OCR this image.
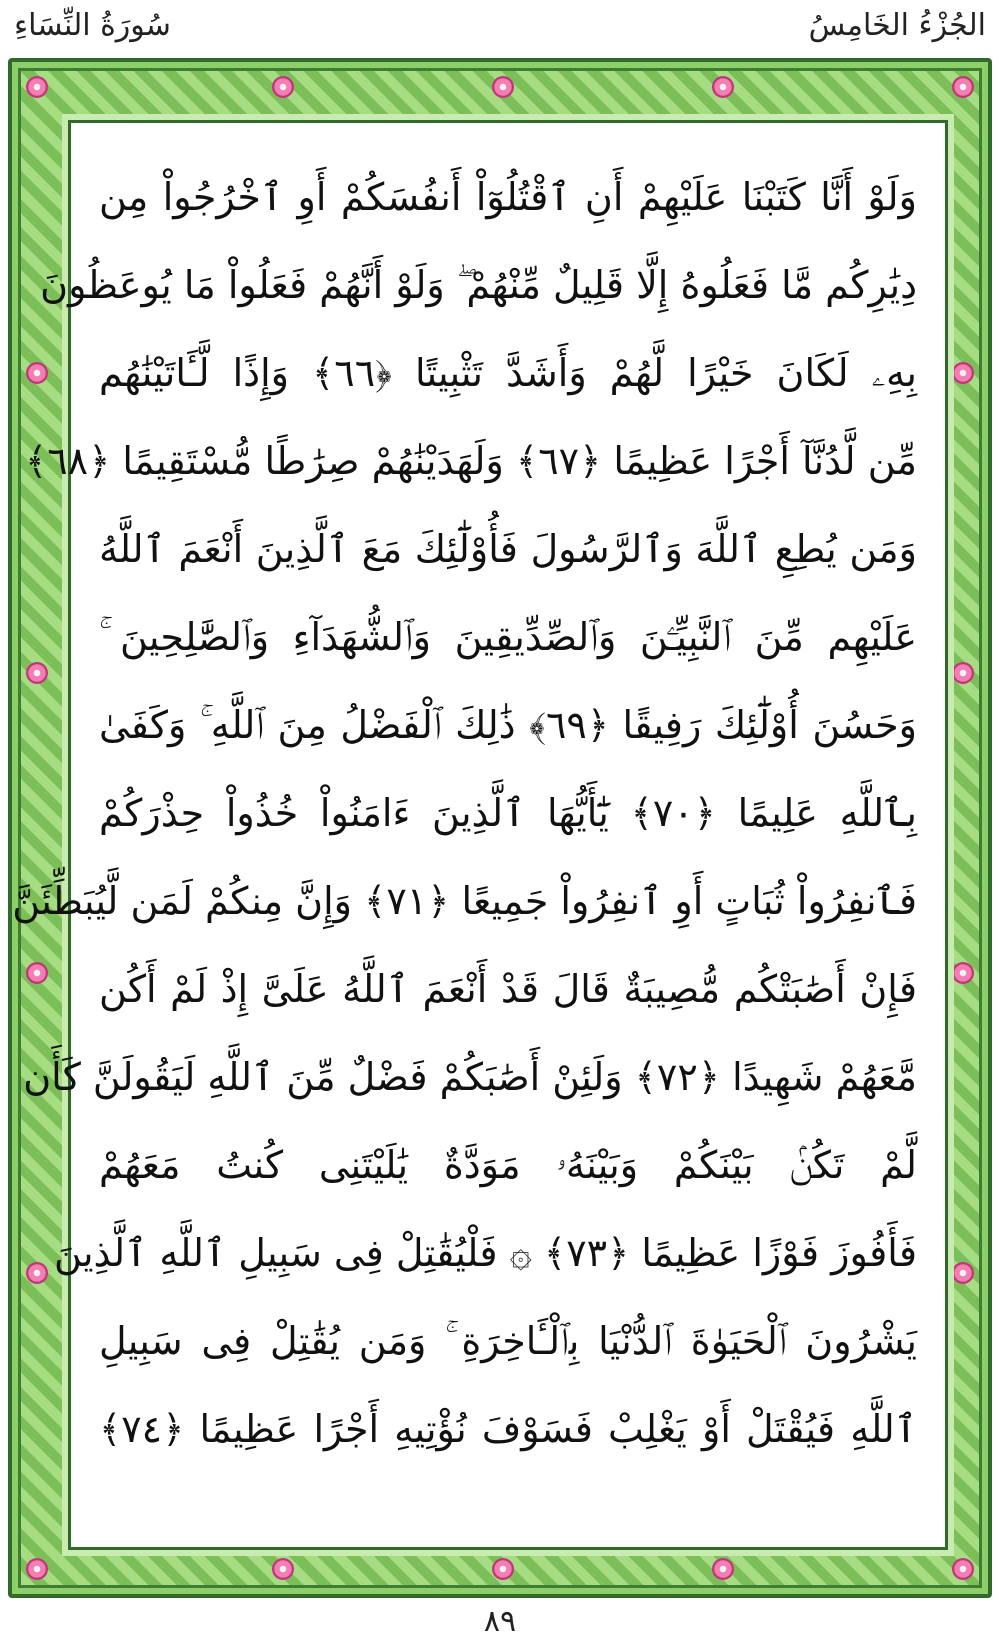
سُورَةُ النِّسَاءِ	الجُزْءُ الخَامِسُ
وَلَوْ أَنَّا كَتَبْنَا عَلَيْهِمْ أَنِ ٱقْتُلُوٓاْ أَنفُسَكُمْ أَوِ ٱخْرُجُواْ مِن
دِيَٰرِكُم مَّا فَعَلُوهُ إِلَّا قَلِيلٌ مِّنْهُمْ ۖ وَلَوْ أَنَّهُمْ فَعَلُواْ مَا يُوعَظُونَ
بِهِۦ لَكَانَ خَيْرًا لَّهُمْ وَأَشَدَّ تَثْبِيتًا ﴿٦٦﴾ وَإِذًا لَّـَٔاتَيْنَٰهُم
مِّن لَّدُنَّآ أَجْرًا عَظِيمًا ﴿٦٧﴾ وَلَهَدَيْنَٰهُمْ صِرَٰطًا مُّسْتَقِيمًا ﴿٦٨﴾
وَمَن يُطِعِ ٱللَّهَ وَٱلرَّسُولَ فَأُوْلَٰٓئِكَ مَعَ ٱلَّذِينَ أَنْعَمَ ٱللَّهُ
عَلَيْهِم مِّنَ ٱلنَّبِيِّـۧنَ وَٱلصِّدِّيقِينَ وَٱلشُّهَدَآءِ وَٱلصَّٰلِحِينَ ۚ
وَحَسُنَ أُوْلَٰٓئِكَ رَفِيقًا ﴿٦٩﴾ ذَٰلِكَ ٱلْفَضْلُ مِنَ ٱللَّهِ ۚ وَكَفَىٰ
بِٱللَّهِ عَلِيمًا ﴿٧٠﴾ يَٰٓأَيُّهَا ٱلَّذِينَ ءَامَنُواْ خُذُواْ حِذْرَكُمْ
فَٱنفِرُواْ ثُبَاتٍ أَوِ ٱنفِرُواْ جَمِيعًا ﴿٧١﴾ وَإِنَّ مِنكُمْ لَمَن لَّيُبَطِّئَنَّ
فَإِنْ أَصَٰبَتْكُم مُّصِيبَةٌ قَالَ قَدْ أَنْعَمَ ٱللَّهُ عَلَىَّ إِذْ لَمْ أَكُن
مَّعَهُمْ شَهِيدًا ﴿٧٢﴾ وَلَئِنْ أَصَٰبَكُمْ فَضْلٌ مِّنَ ٱللَّهِ لَيَقُولَنَّ كَأَن
لَّمْ تَكُنۢ بَيْنَكُمْ وَبَيْنَهُۥ مَوَدَّةٌ يَٰلَيْتَنِى كُنتُ مَعَهُمْ
فَأَفُوزَ فَوْزًا عَظِيمًا ﴿٧٣﴾ ۞ فَلْيُقَٰتِلْ فِى سَبِيلِ ٱللَّهِ ٱلَّذِينَ
يَشْرُونَ ٱلْحَيَوٰةَ ٱلدُّنْيَا بِٱلْـَٔاخِرَةِ ۚ وَمَن يُقَٰتِلْ فِى سَبِيلِ
ٱللَّهِ فَيُقْتَلْ أَوْ يَغْلِبْ فَسَوْفَ نُؤْتِيهِ أَجْرًا عَظِيمًا ﴿٧٤﴾
٨٩
